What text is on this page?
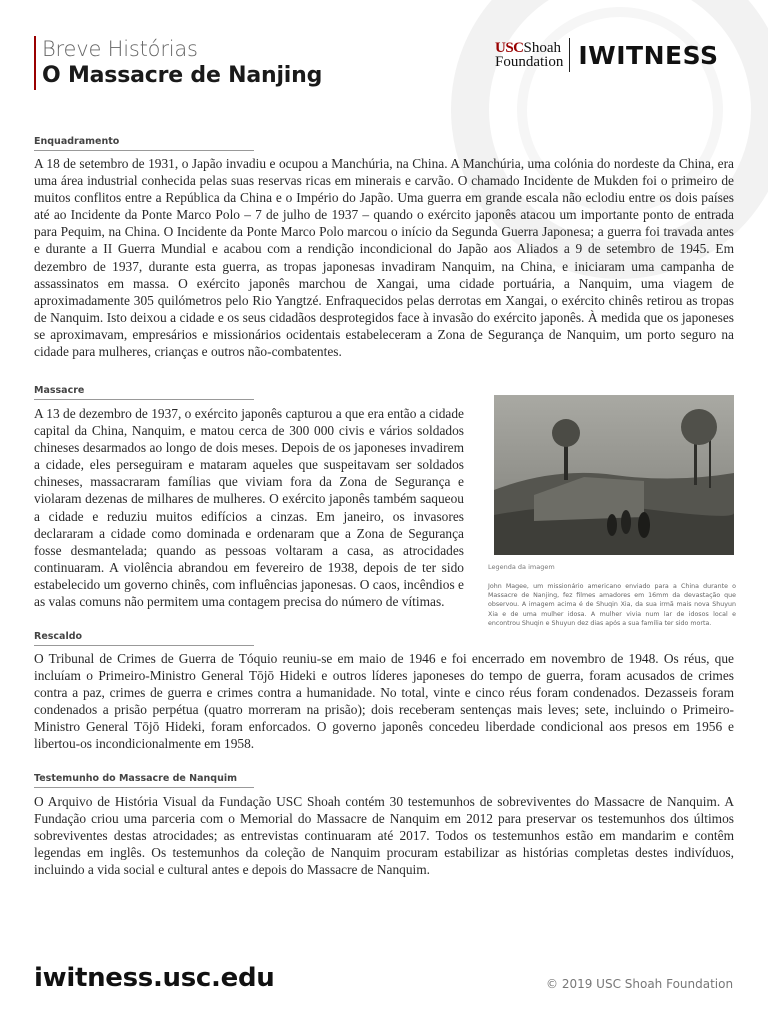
Breve Histórias
O Massacre de Nanjing
USCShoah
Foundation IWITNESS
Enquadramento

A 18 de setembro de 1931, o Japão invadiu e ocupou a Manchúria, na China. A Manchúria, uma colónia do nordeste da China, era uma área industrial conhecida pelas suas reservas ricas em minerais e carvão. O chamado Incidente de Mukden foi o primeiro de muitos conflitos entre a República da China e o Império do Japão. Uma guerra em grande escala não eclodiu entre os dois países até ao Incidente da Ponte Marco Polo – 7 de julho de 1937 – quando o exército japonês atacou um importante ponto de entrada para Pequim, na China. O Incidente da Ponte Marco Polo marcou o início da Segunda Guerra Japonesa; a guerra foi travada antes e durante a II Guerra Mundial e acabou com a rendição incondicional do Japão aos Aliados a 9 de setembro de 1945. Em dezembro de 1937, durante esta guerra, as tropas japonesas invadiram Nanquim, na China, e iniciaram uma campanha de assassinatos em massa. O exército japonês marchou de Xangai, uma cidade portuária, a Nanquim, uma viagem de aproximadamente 305 quilómetros pelo Rio Yangtzé. Enfraquecidos pelas derrotas em Xangai, o exército chinês retirou as tropas de Nanquim. Isto deixou a cidade e os seus cidadãos desprotegidos face à invasão do exército japonês. À medida que os japoneses se aproximavam, empresários e missionários ocidentais estabeleceram a Zona de Segurança de Nanquim, um porto seguro na cidade para mulheres, crianças e outros não-combatentes.

Massacre

A 13 de dezembro de 1937, o exército japonês capturou a que era então a cidade capital da China, Nanquim, e matou cerca de 300 000 civis e vários soldados chineses desarmados ao longo de dois meses. Depois de os japoneses invadirem a cidade, eles perseguiram e mataram aqueles que suspeitavam ser soldados chineses, massacraram famílias que viviam fora da Zona de Segurança e violaram dezenas de milhares de mulheres. O exército japonês também saqueou a cidade e reduziu muitos edifícios a cinzas. Em janeiro, os invasores declararam a cidade como dominada e ordenaram que a Zona de Segurança fosse desmantelada; quando as pessoas voltaram a casa, as atrocidades continuaram. A violência abrandou em fevereiro de 1938, depois de ter sido estabelecido um governo chinês, com influências japonesas. O caos, incêndios e as valas comuns não permitem uma contagem precisa do número de vítimas.

Legenda da imagem

John Magee, um missionário americano enviado para a China durante o Massacre de Nanjing, fez filmes amadores em 16mm da devastação que observou. A imagem acima é de Shuqin Xia, da sua irmã mais nova Shuyun Xia e de uma mulher idosa. A mulher vivia num lar de idosos local e encontrou Shuqin e Shuyun dez dias após a sua família ter sido morta.

Rescaldo

O Tribunal de Crimes de Guerra de Tóquio reuniu-se em maio de 1946 e foi encerrado em novembro de 1948. Os réus, que incluíam o Primeiro-Ministro General Tōjō Hideki e outros líderes japoneses do tempo de guerra, foram acusados de crimes contra a paz, crimes de guerra e crimes contra a humanidade. No total, vinte e cinco réus foram condenados. Dezasseis foram condenados a prisão perpétua (quatro morreram na prisão); dois receberam sentenças mais leves; sete, incluindo o Primeiro-Ministro General Tōjō Hideki, foram enforcados. O governo japonês concedeu liberdade condicional aos presos em 1956 e libertou-os incondicionalmente em 1958.

Testemunho do Massacre de Nanquim

O Arquivo de História Visual da Fundação USC Shoah contém 30 testemunhos de sobreviventes do Massacre de Nanquim. A Fundação criou uma parceria com o Memorial do Massacre de Nanquim em 2012 para preservar os testemunhos dos últimos sobreviventes destas atrocidades; as entrevistas continuaram até 2017. Todos os testemunhos estão em mandarim e contêm legendas em inglês. Os testemunhos da coleção de Nanquim procuram estabilizar as histórias completas destes indivíduos, incluindo a vida social e cultural antes e depois do Massacre de Nanquim.

iwitness.usc.edu	© 2019 USC Shoah Foundation
